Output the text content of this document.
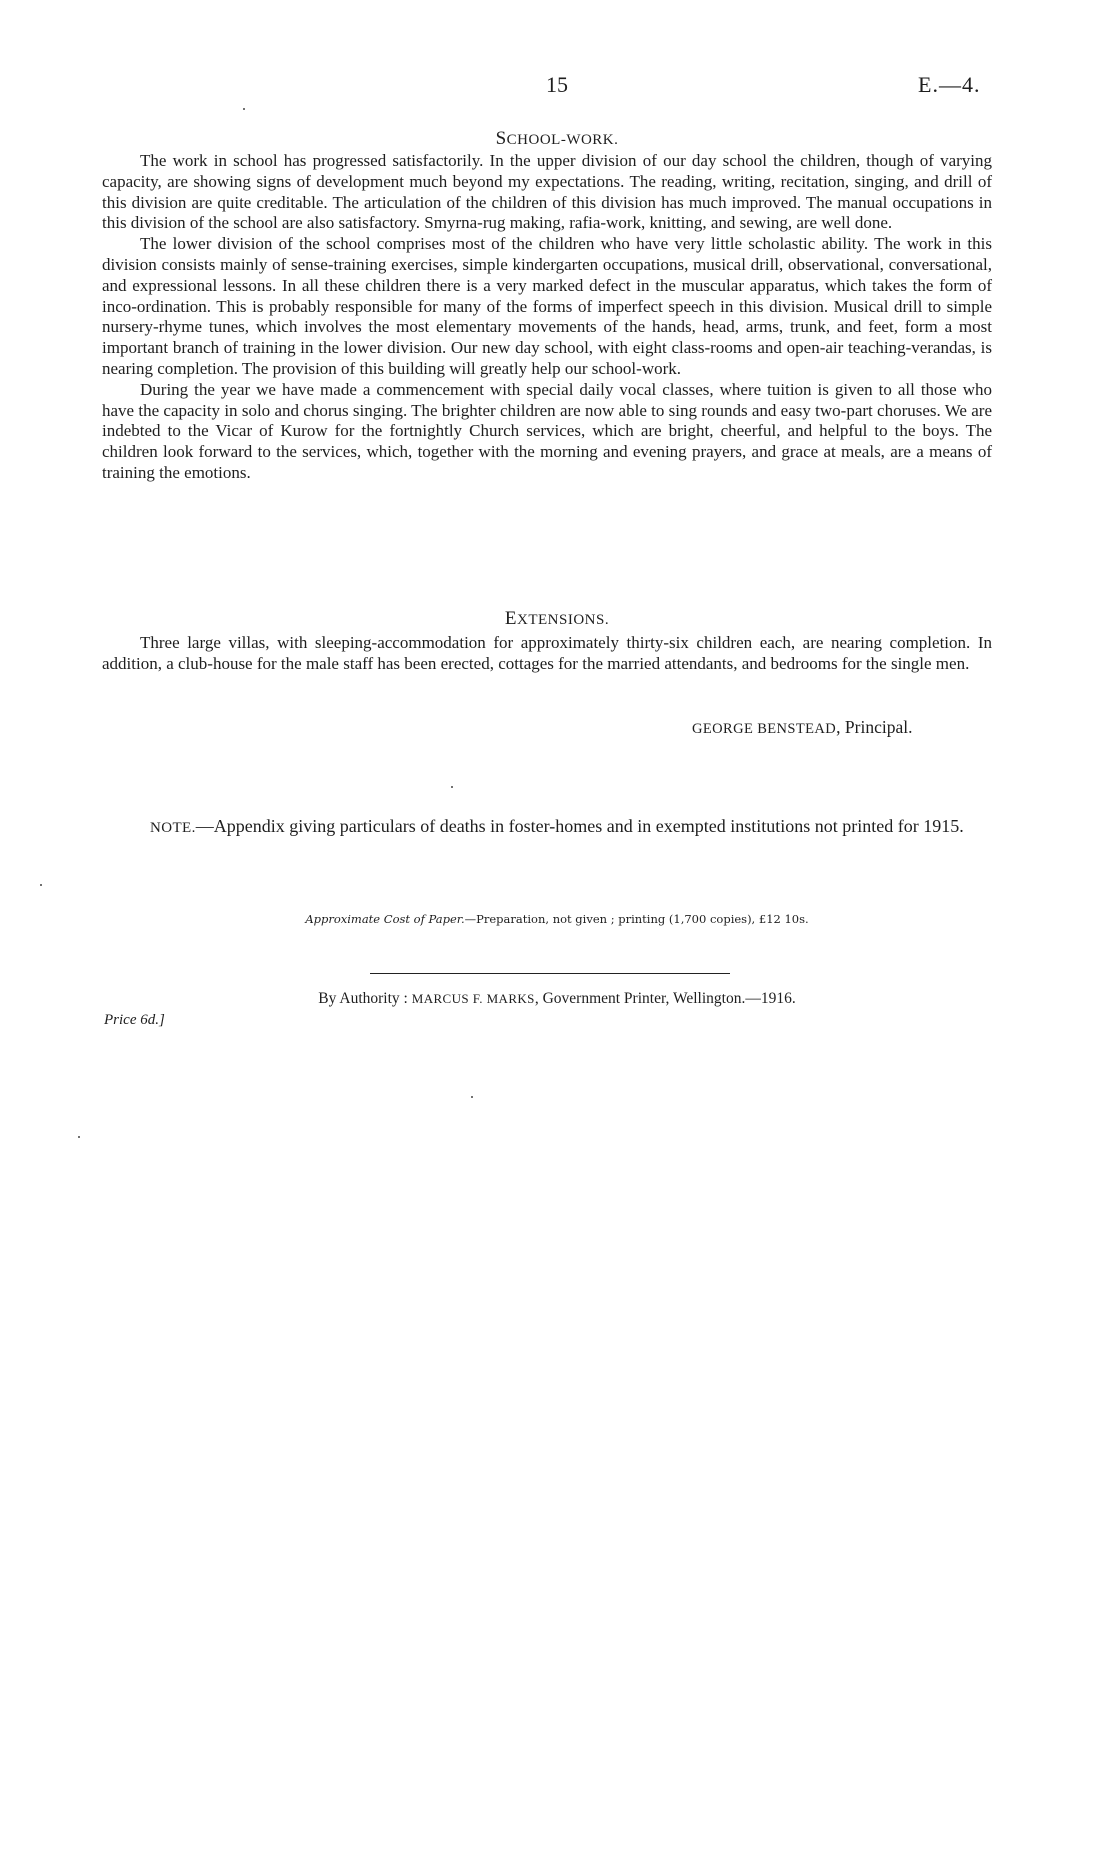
15	E.—4.
SCHOOL-WORK.

The work in school has progressed satisfactorily. In the upper division of our day school the children, though of varying capacity, are showing signs of development much beyond my expectations. The reading, writing, recitation, singing, and drill of this division are quite creditable. The articulation of the children of this division has much improved. The manual occupations in this division of the school are also satisfactory. Smyrna-rug making, rafia-work, knitting, and sewing, are well done.

The lower division of the school comprises most of the children who have very little scholastic ability. The work in this division consists mainly of sense-training exercises, simple kindergarten occupations, musical drill, observational, conversational, and expressional lessons. In all these children there is a very marked defect in the muscular apparatus, which takes the form of inco-ordination. This is probably responsible for many of the forms of imperfect speech in this division. Musical drill to simple nursery-rhyme tunes, which involves the most elementary movements of the hands, head, arms, trunk, and feet, form a most important branch of training in the lower division. Our new day school, with eight class-rooms and open-air teaching-verandas, is nearing completion. The provision of this building will greatly help our school-work.

During the year we have made a commencement with special daily vocal classes, where tuition is given to all those who have the capacity in solo and chorus singing. The brighter children are now able to sing rounds and easy two-part choruses. We are indebted to the Vicar of Kurow for the fortnightly Church services, which are bright, cheerful, and helpful to the boys. The children look forward to the services, which, together with the morning and evening prayers, and grace at meals, are a means of training the emotions.

EXTENSIONS.

Three large villas, with sleeping-accommodation for approximately thirty-six children each, are nearing completion. In addition, a club-house for the male staff has been erected, cottages for the married attendants, and bedrooms for the single men.

GEORGE BENSTEAD, Principal.
NOTE.—Appendix giving particulars of deaths in foster-homes and in exempted institutions not printed for 1915.
Approximate Cost of Paper.—Preparation, not given ; printing (1,700 copies), £12 10s.
By Authority : MARCUS F. MARKS, Government Printer, Wellington.—1916.
Price 6d.]
